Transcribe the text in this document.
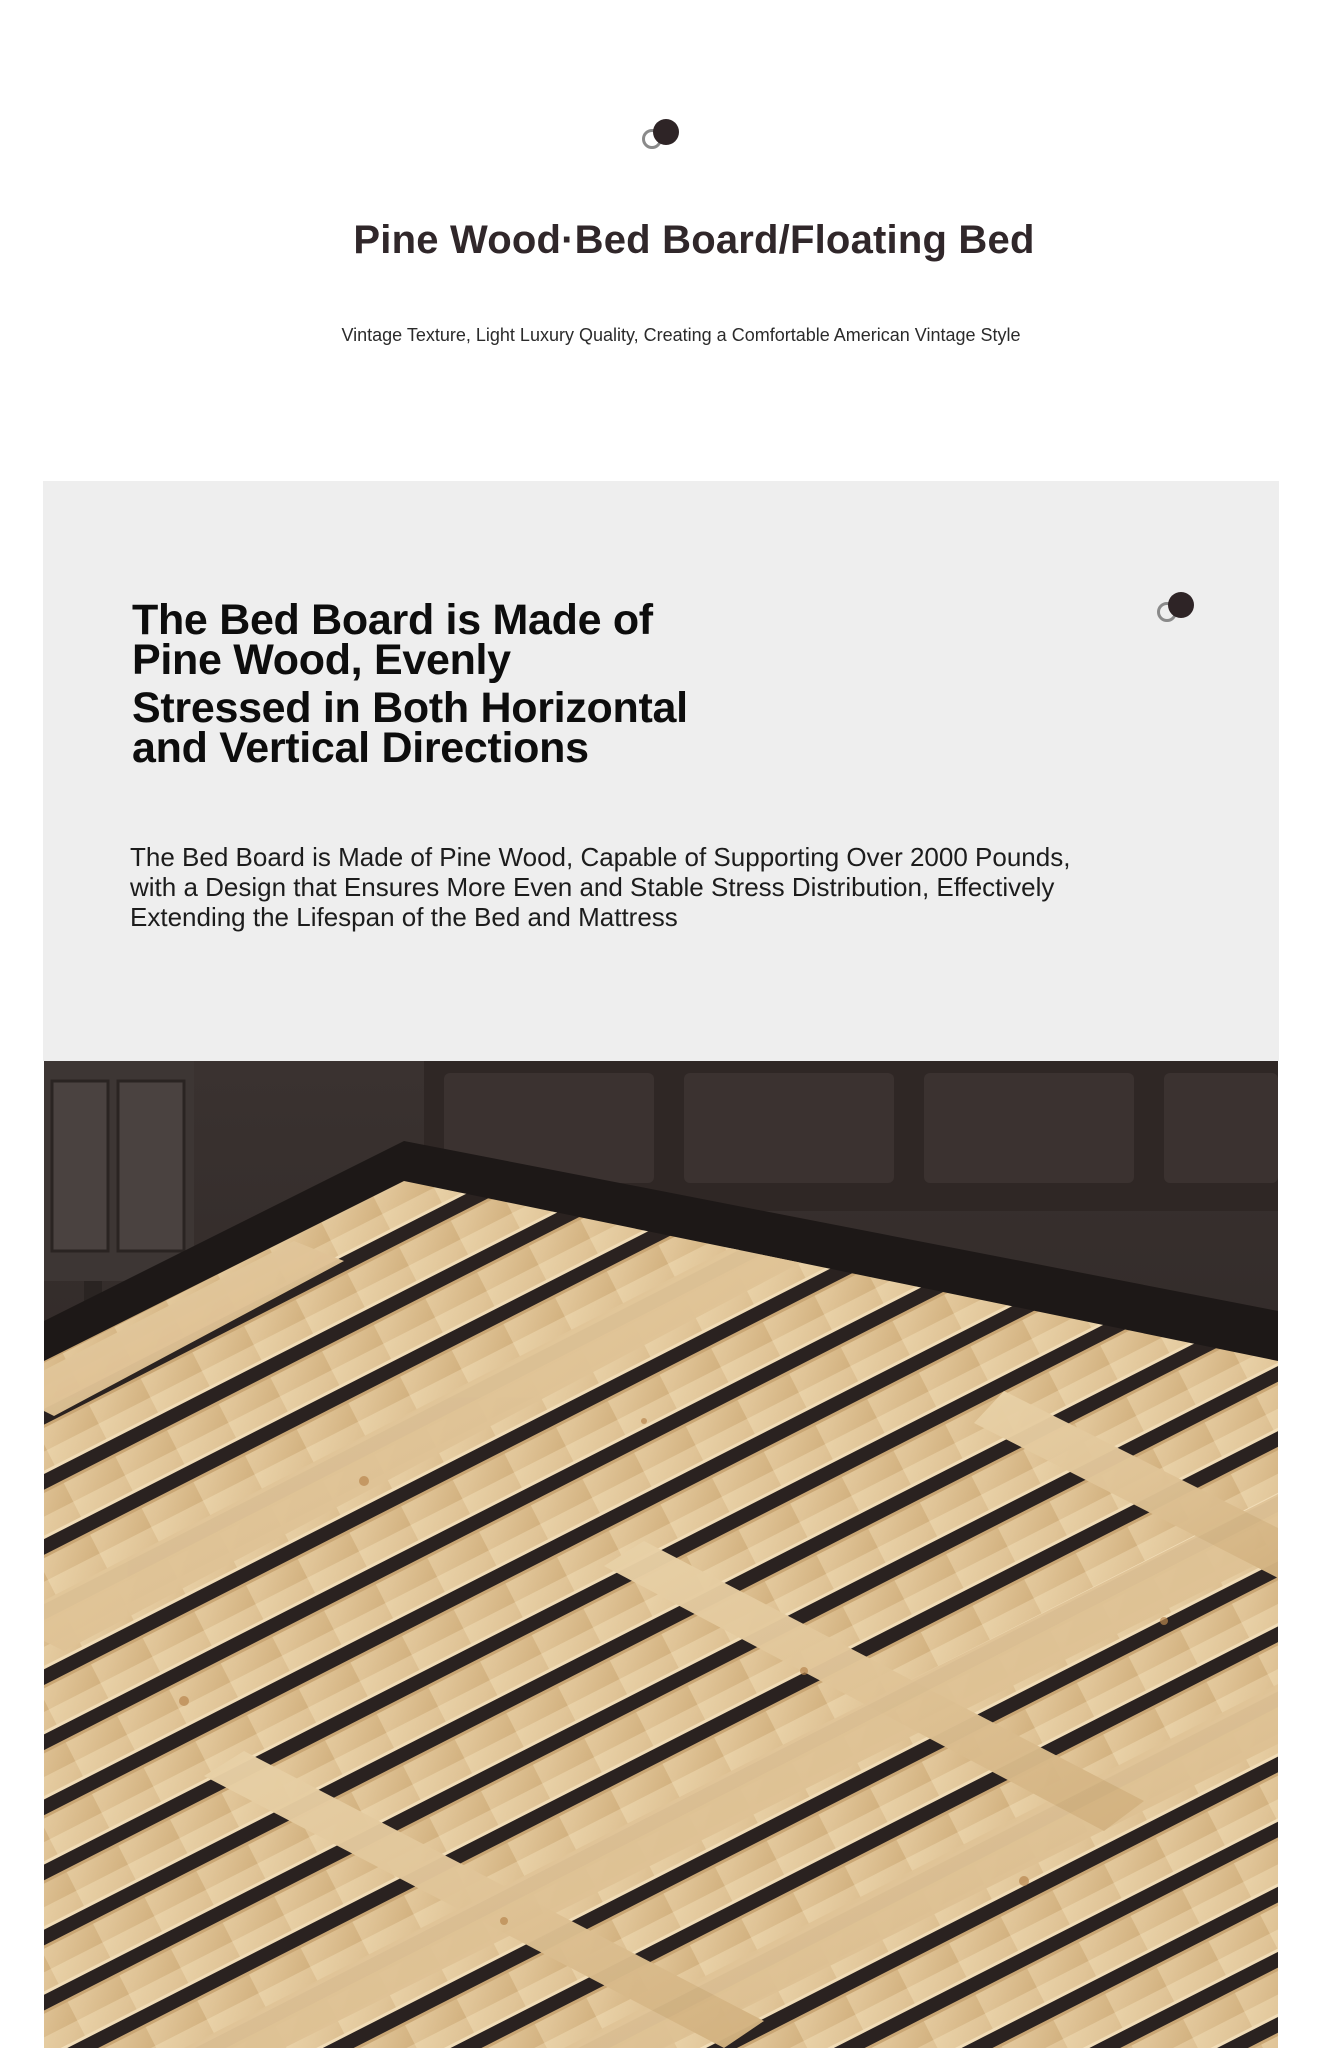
Pine Wood·Bed Board/Floating Bed

Vintage Texture, Light Luxury Quality, Creating a Comfortable American Vintage Style

The Bed Board is Made of
Pine Wood, Evenly
Stressed in Both Horizontal
and Vertical Directions

The Bed Board is Made of Pine Wood, Capable of Supporting Over 2000 Pounds, with a Design that Ensures More Even and Stable Stress Distribution, Effectively Extending the Lifespan of the Bed and Mattress
